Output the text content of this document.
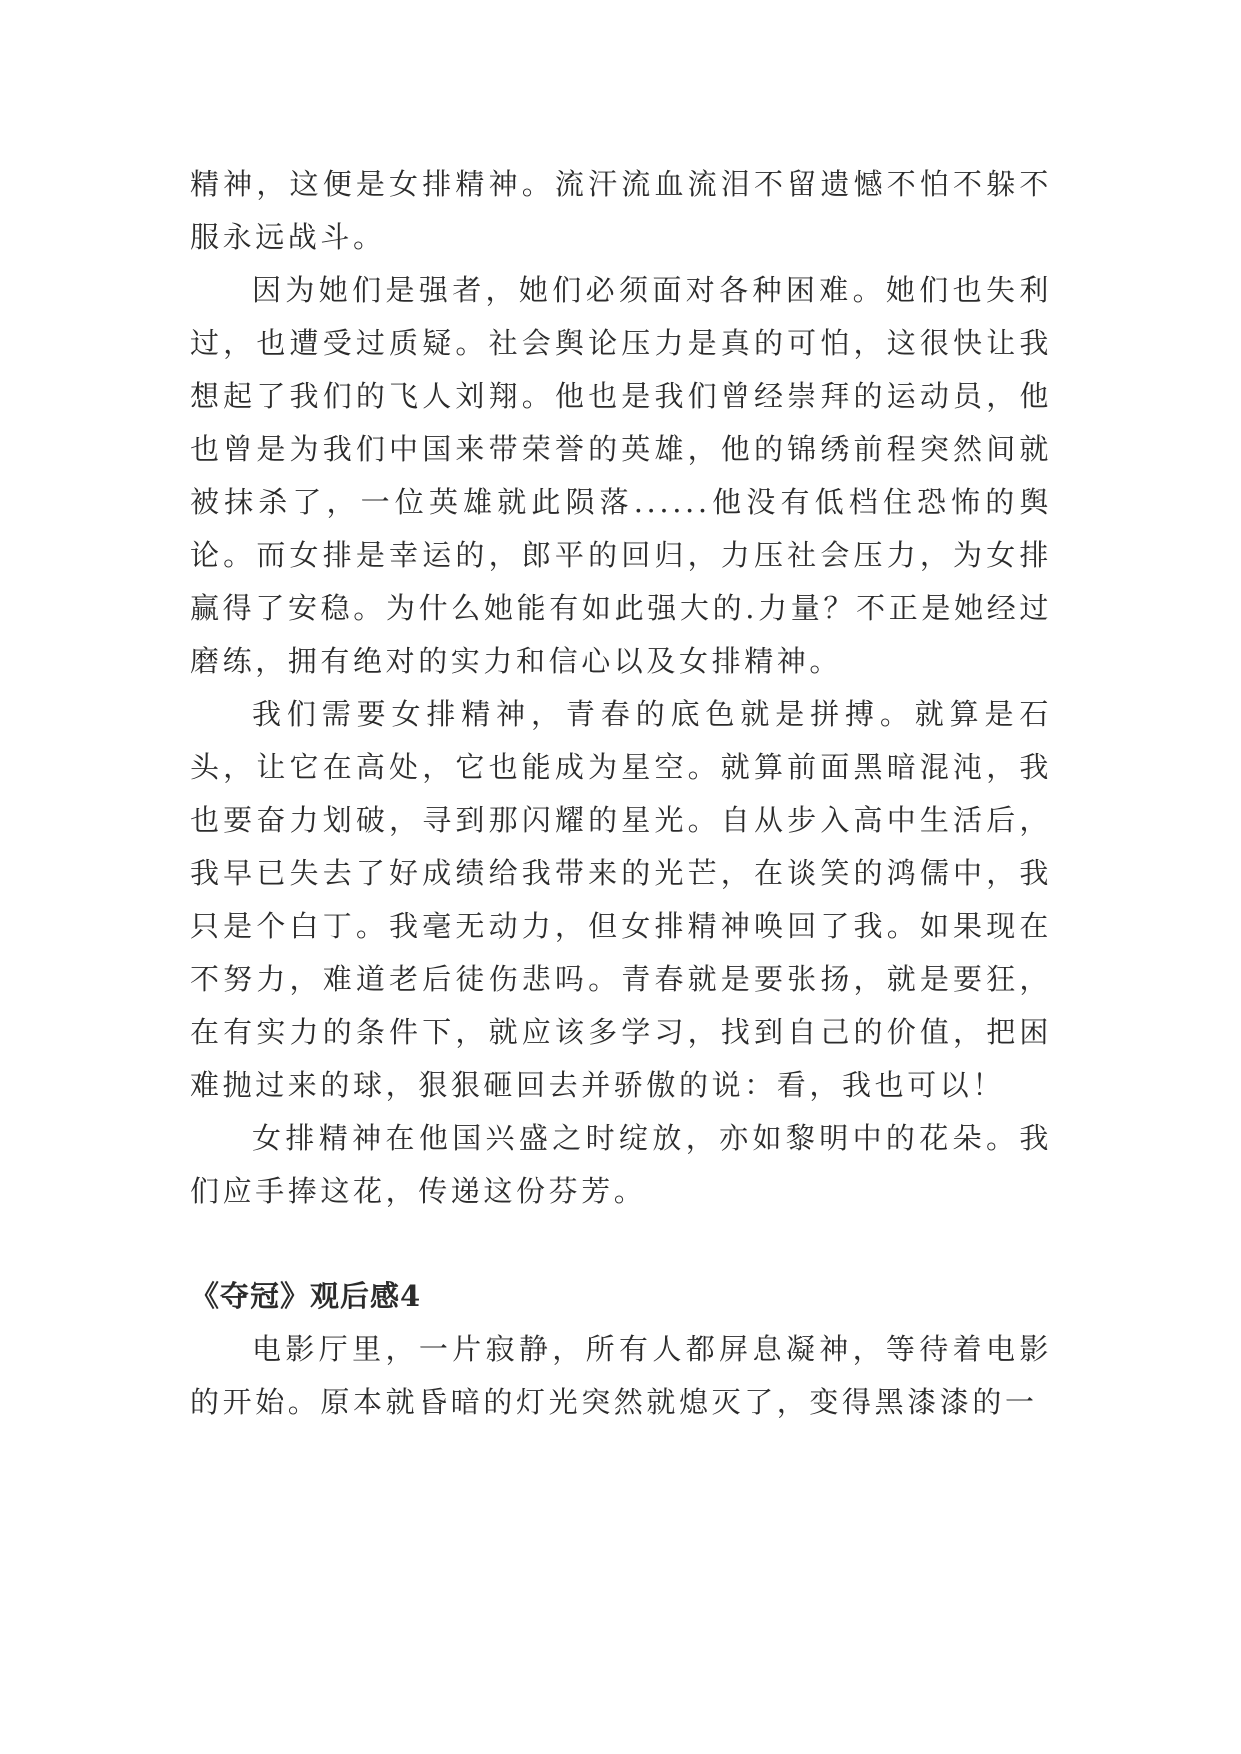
精神，这便是女排精神。流汗流血流泪不留遗憾不怕不躲不服永远战斗。

因为她们是强者，她们必须面对各种困难。她们也失利过，也遭受过质疑。社会舆论压力是真的可怕，这很快让我想起了我们的飞人刘翔。他也是我们曾经崇拜的运动员，他也曾是为我们中国来带荣誉的英雄，他的锦绣前程突然间就被抹杀了，一位英雄就此陨落......他没有低档住恐怖的舆论。而女排是幸运的，郎平的回归，力压社会压力，为女排赢得了安稳。为什么她能有如此强大的.力量？不正是她经过磨练，拥有绝对的实力和信心以及女排精神。

我们需要女排精神，青春的底色就是拼搏。就算是石头，让它在高处，它也能成为星空。就算前面黑暗混沌，我也要奋力划破，寻到那闪耀的星光。自从步入高中生活后，我早已失去了好成绩给我带来的光芒，在谈笑的鸿儒中，我只是个白丁。我毫无动力，但女排精神唤回了我。如果现在不努力，难道老后徒伤悲吗。青春就是要张扬，就是要狂，在有实力的条件下，就应该多学习，找到自己的价值，把困难抛过来的球，狠狠砸回去并骄傲的说：看，我也可以！

女排精神在他国兴盛之时绽放，亦如黎明中的花朵。我们应手捧这花，传递这份芬芳。

《夺冠》观后感4

电影厅里，一片寂静，所有人都屏息凝神，等待着电影的开始。原本就昏暗的灯光突然就熄灭了，变得黑漆漆的一
